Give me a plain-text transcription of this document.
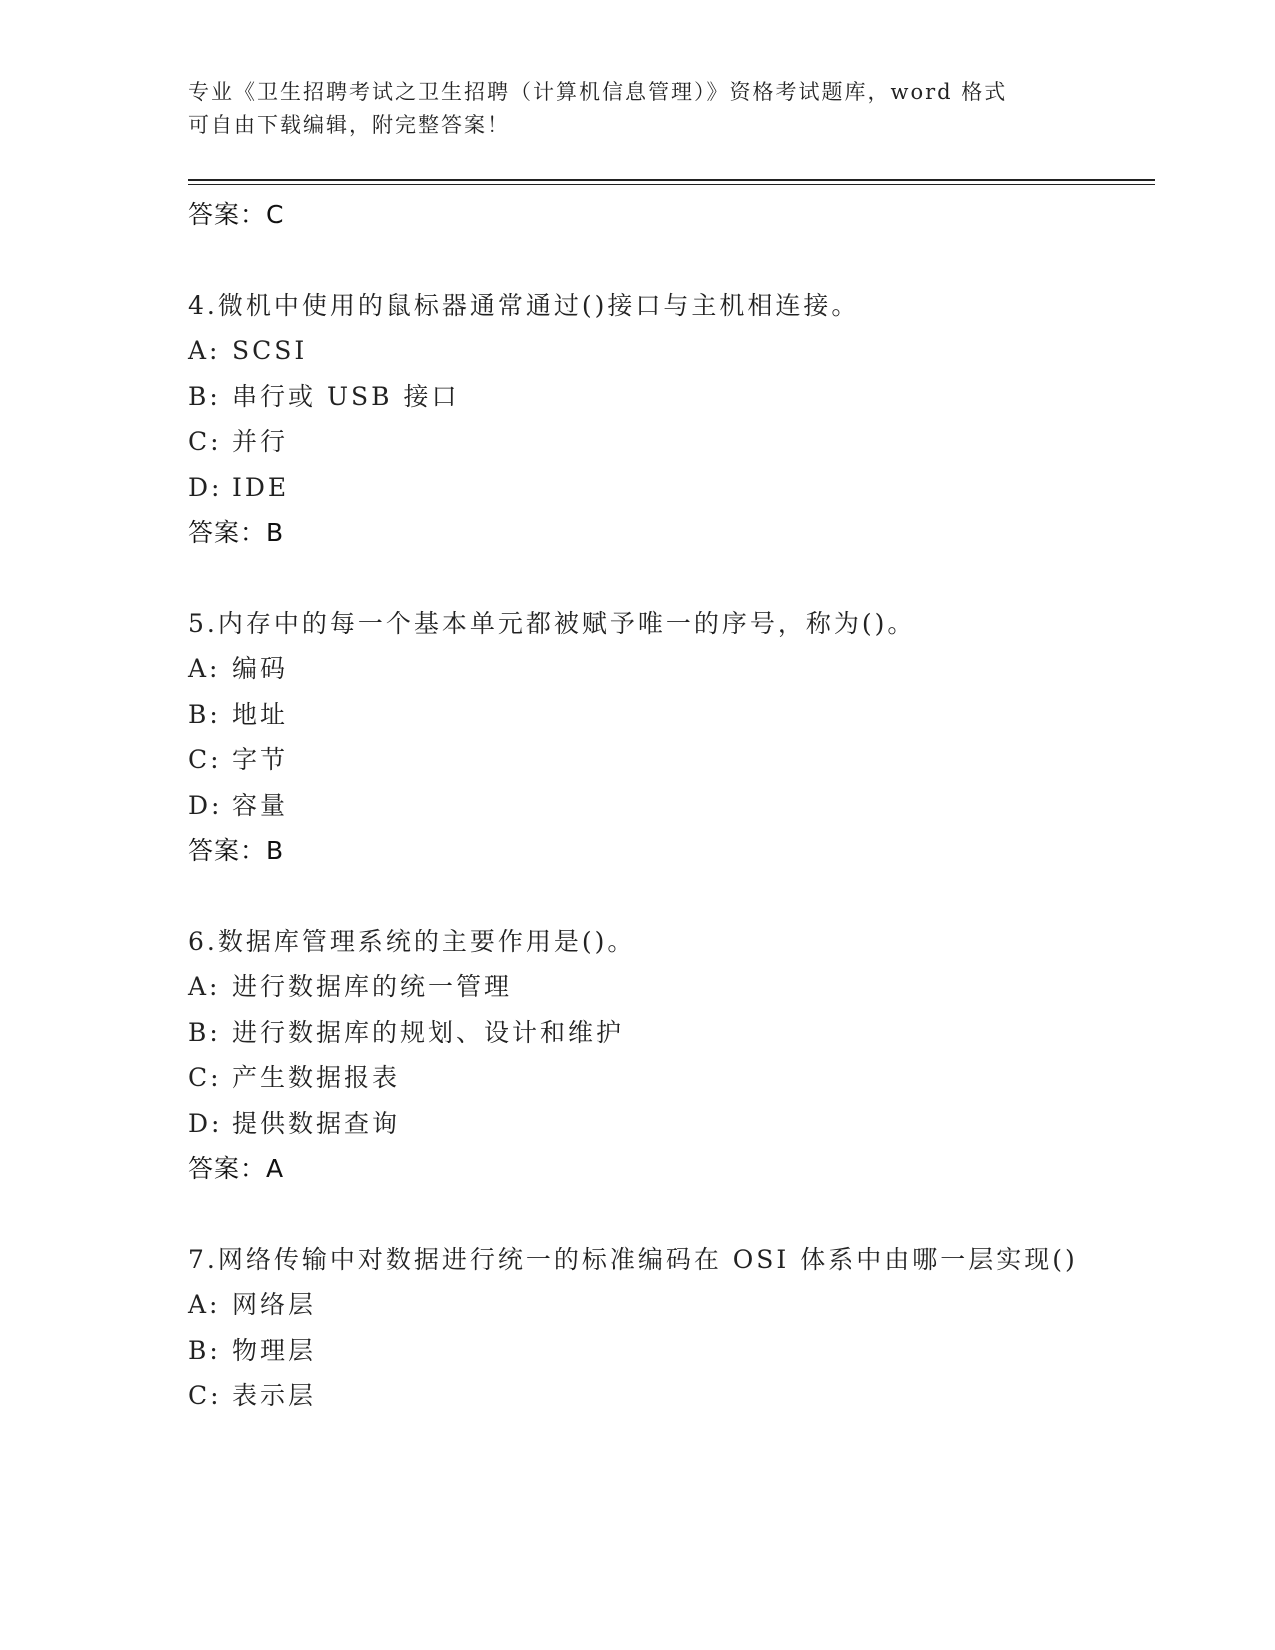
专业《卫生招聘考试之卫生招聘（计算机信息管理）》资格考试题库，word 格式
可自由下载编辑，附完整答案！
答案：C
4.微机中使用的鼠标器通常通过()接口与主机相连接。
A: SCSI
B: 串行或 USB 接口
C: 并行
D: IDE
答案：B
5.内存中的每一个基本单元都被赋予唯一的序号，称为()。
A: 编码
B: 地址
C: 字节
D: 容量
答案：B
6.数据库管理系统的主要作用是()。
A: 进行数据库的统一管理
B: 进行数据库的规划、设计和维护
C: 产生数据报表
D: 提供数据查询
答案：A
7.网络传输中对数据进行统一的标准编码在 OSI 体系中由哪一层实现()
A: 网络层
B: 物理层
C: 表示层
